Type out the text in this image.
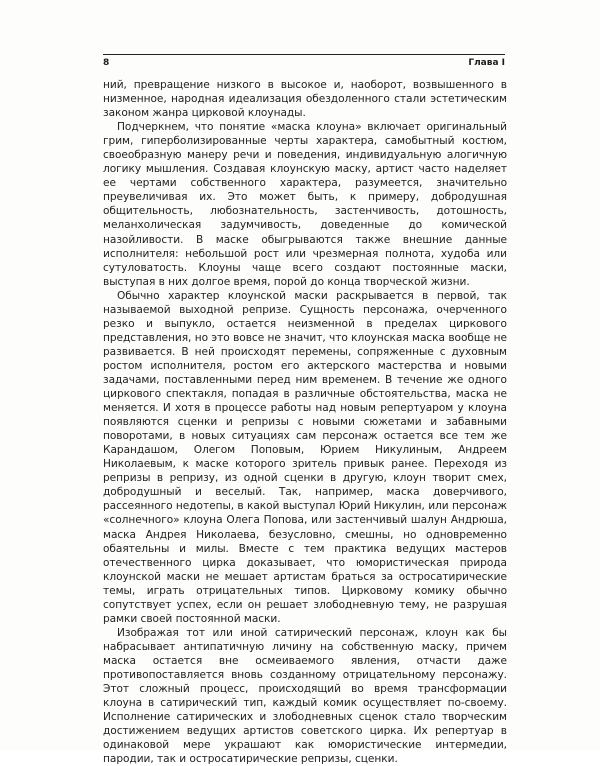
8	Глава I

ний, превращение низкого в высокое и, наоборот, возвышенного в низменное, народная идеализация обездоленного стали эстетическим законом жанра цирковой клоунады.

Подчеркнем, что понятие «маска клоуна» включает оригинальный грим, гиперболизированные черты характера, самобытный костюм, своеобразную манеру речи и поведения, индивидуальную алогичную логику мышления. Создавая клоунскую маску, артист часто наделяет ее чертами собственного характера, разумеется, значительно преувеличивая их. Это может быть, к примеру, добродушная общительность, любознательность, застенчивость, дотошность, меланхолическая задумчивость, доведенные до комической назойливости. В маске обыгрываются также внешние данные исполнителя: небольшой рост или чрезмерная полнота, худоба или сутуловатость. Клоуны чаще всего создают постоянные маски, выступая в них долгое время, порой до конца творческой жизни.

Обычно характер клоунской маски раскрывается в первой, так называемой выходной репризе. Сущность персонажа, очерченного резко и выпукло, остается неизменной в пределах циркового представления, но это вовсе не значит, что клоунская маска вообще не развивается. В ней происходят перемены, сопряженные с духовным ростом исполнителя, ростом его актерского мастерства и новыми задачами, поставленными перед ним временем. В течение же одного циркового спектакля, попадая в различные обстоятельства, маска не меняется. И хотя в процессе работы над новым репертуаром у клоуна появляются сценки и репризы с новыми сюжетами и забавными поворотами, в новых ситуациях сам персонаж остается все тем же Карандашом, Олегом Поповым, Юрием Никулиным, Андреем Николаевым, к маске которого зритель привык ранее. Переходя из репризы в репризу, из одной сценки в другую, клоун творит смех, добродушный и веселый. Так, например, маска доверчивого, рассеянного недотепы, в какой выступал Юрий Никулин, или персонаж «солнечного» клоуна Олега Попова, или застенчивый шалун Андрюша, маска Андрея Николаева, безусловно, смешны, но одновременно обаятельны и милы. Вместе с тем практика ведущих мастеров отечественного цирка доказывает, что юмористическая природа клоунской маски не мешает артистам браться за остросатирические темы, играть отрицательных типов. Цирковому комику обычно сопутствует успех, если он решает злободневную тему, не разрушая рамки своей постоянной маски.

Изображая тот или иной сатирический персонаж, клоун как бы набрасывает антипатичную личину на собственную маску, причем маска остается вне осмеиваемого явления, отчасти даже противопоставляется вновь созданному отрицательному персонажу. Этот сложный процесс, происходящий во время трансформации клоуна в сатирический тип, каждый комик осуществляет по-своему. Исполнение сатирических и злободневных сценок стало творческим достижением ведущих артистов советского цирка. Их репертуар в одинаковой мере украшают как юмористические интермедии, пародии, так и остросатирические репризы, сценки.
